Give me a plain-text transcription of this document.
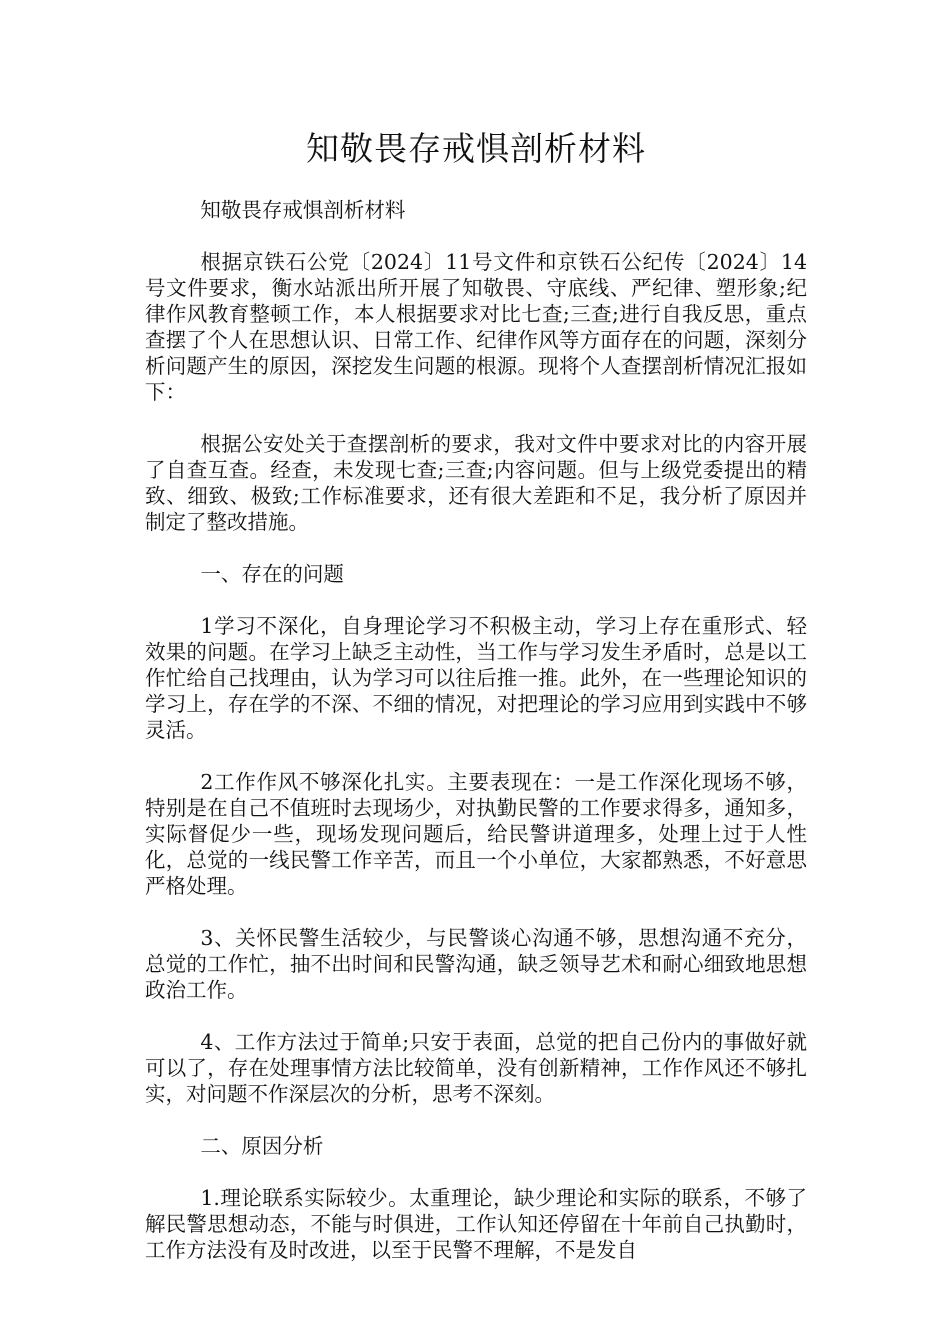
知敬畏存戒惧剖析材料

知敬畏存戒惧剖析材料

根据京铁石公党〔2024〕11号文件和京铁石公纪传〔2024〕14号文件要求，衡水站派出所开展了知敬畏、守底线、严纪律、塑形象;纪律作风教育整顿工作，本人根据要求对比七查;三查;进行自我反思，重点查摆了个人在思想认识、日常工作、纪律作风等方面存在的问题，深刻分析问题产生的原因，深挖发生问题的根源。现将个人查摆剖析情况汇报如下：

根据公安处关于查摆剖析的要求，我对文件中要求对比的内容开展了自查互查。经查，未发现七查;三查;内容问题。但与上级党委提出的精致、细致、极致;工作标准要求，还有很大差距和不足，我分析了原因并制定了整改措施。

一、存在的问题

1学习不深化，自身理论学习不积极主动，学习上存在重形式、轻效果的问题。在学习上缺乏主动性，当工作与学习发生矛盾时，总是以工作忙给自己找理由，认为学习可以往后推一推。此外，在一些理论知识的学习上，存在学的不深、不细的情况，对把理论的学习应用到实践中不够灵活。

2工作作风不够深化扎实。主要表现在：一是工作深化现场不够，特别是在自己不值班时去现场少，对执勤民警的工作要求得多，通知多，实际督促少一些，现场发现问题后，给民警讲道理多，处理上过于人性化，总觉的一线民警工作辛苦，而且一个小单位，大家都熟悉，不好意思严格处理。

3、关怀民警生活较少，与民警谈心沟通不够，思想沟通不充分，总觉的工作忙，抽不出时间和民警沟通，缺乏领导艺术和耐心细致地思想政治工作。

4、工作方法过于简单;只安于表面，总觉的把自己份内的事做好就可以了，存在处理事情方法比较简单，没有创新精神，工作作风还不够扎实，对问题不作深层次的分析，思考不深刻。

二、原因分析

1.理论联系实际较少。太重理论，缺少理论和实际的联系，不够了解民警思想动态，不能与时俱进，工作认知还停留在十年前自己执勤时，工作方法没有及时改进，以至于民警不理解，不是发自
